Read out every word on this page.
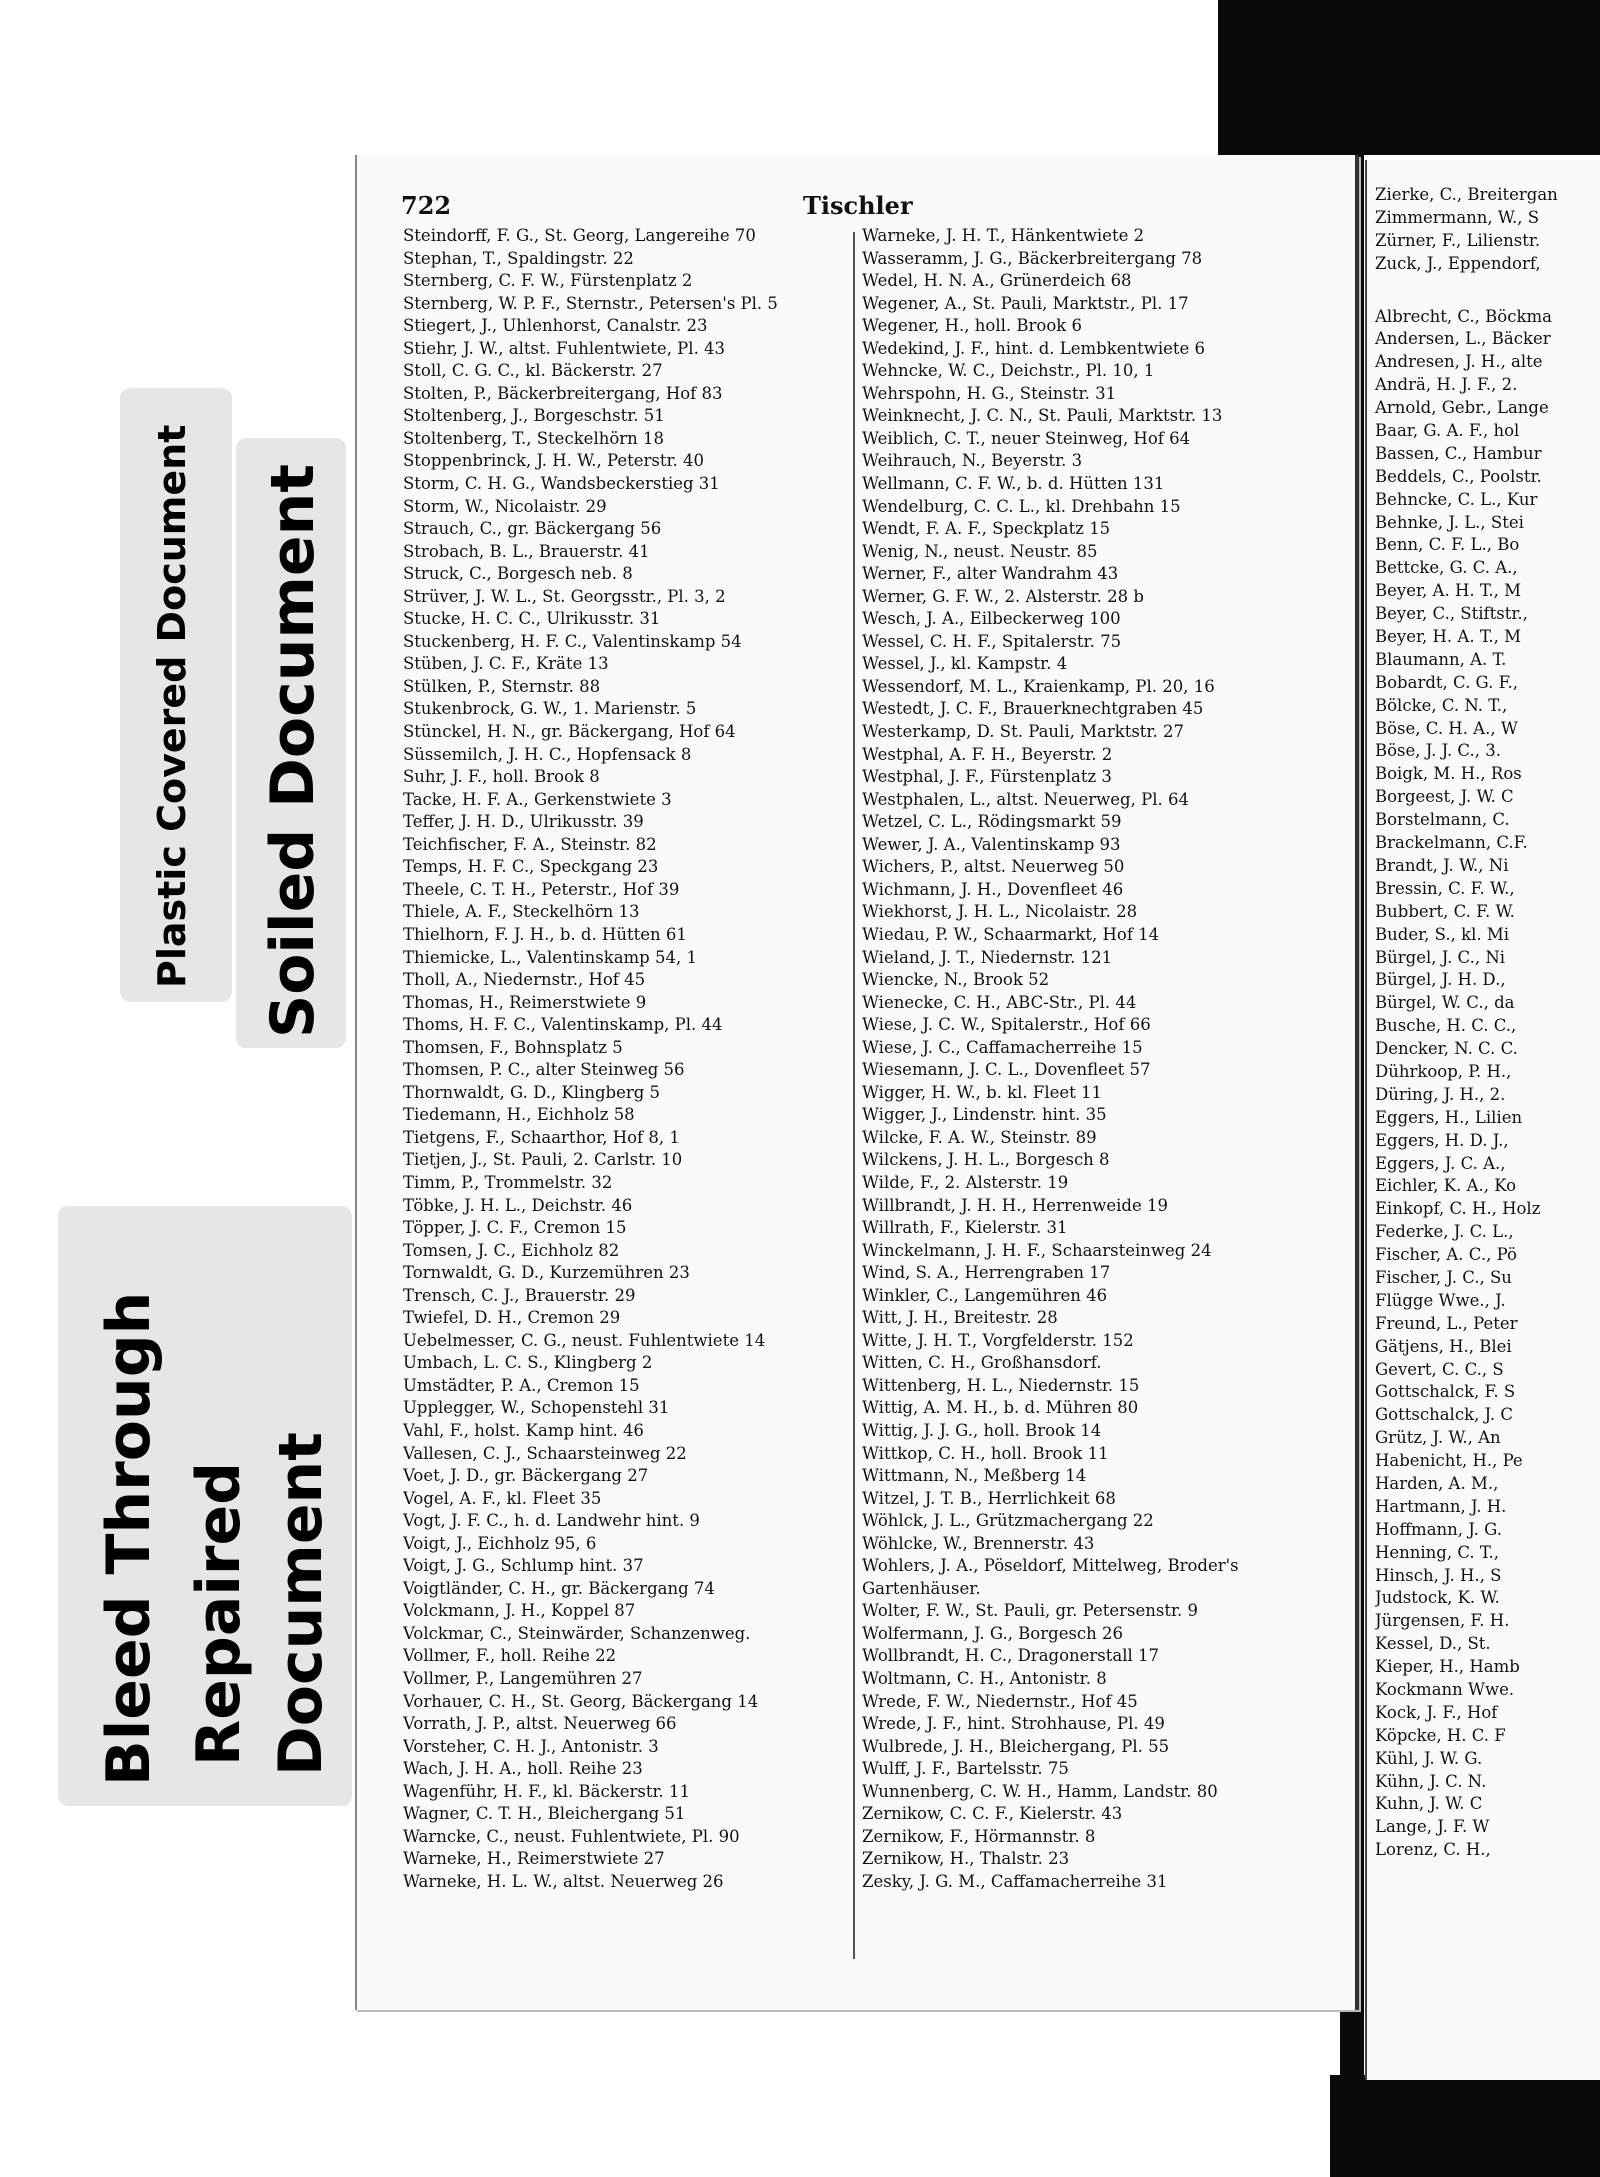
Plastic Covered Document Soiled Document
Bleed Through Repaired Document
722	Tischler
Steindorff, F. G., St. Georg, Langereihe 70
Stephan, T., Spaldingstr. 22
Sternberg, C. F. W., Fürstenplatz 2
Sternberg, W. P. F., Sternstr., Petersen's Pl. 5
Stiegert, J., Uhlenhorst, Canalstr. 23
Stiehr, J. W., altst. Fuhlentwiete, Pl. 43
Stoll, C. G. C., kl. Bäckerstr. 27
Stolten, P., Bäckerbreitergang, Hof 83
Stoltenberg, J., Borgeschstr. 51
Stoltenberg, T., Steckelhörn 18
Stoppenbrinck, J. H. W., Peterstr. 40
Storm, C. H. G., Wandsbeckerstieg 31
Storm, W., Nicolaistr. 29
Strauch, C., gr. Bäckergang 56
Strobach, B. L., Brauerstr. 41
Struck, C., Borgesch neb. 8
Strüver, J. W. L., St. Georgsstr., Pl. 3, 2
Stucke, H. C. C., Ulrikusstr. 31
Stuckenberg, H. F. C., Valentinskamp 54
Stüben, J. C. F., Kräte 13
Stülken, P., Sternstr. 88
Stukenbrock, G. W., 1. Marienstr. 5
Stünckel, H. N., gr. Bäckergang, Hof 64
Süssemilch, J. H. C., Hopfensack 8
Suhr, J. F., holl. Brook 8
Tacke, H. F. A., Gerkenstwiete 3
Teffer, J. H. D., Ulrikusstr. 39
Teichfischer, F. A., Steinstr. 82
Temps, H. F. C., Speckgang 23
Theele, C. T. H., Peterstr., Hof 39
Thiele, A. F., Steckelhörn 13
Thielhorn, F. J. H., b. d. Hütten 61
Thiemicke, L., Valentinskamp 54, 1
Tholl, A., Niedernstr., Hof 45
Thomas, H., Reimerstwiete 9
Thoms, H. F. C., Valentinskamp, Pl. 44
Thomsen, F., Bohnsplatz 5
Thomsen, P. C., alter Steinweg 56
Thornwaldt, G. D., Klingberg 5
Tiedemann, H., Eichholz 58
Tietgens, F., Schaarthor, Hof 8, 1
Tietjen, J., St. Pauli, 2. Carlstr. 10
Timm, P., Trommelstr. 32
Töbke, J. H. L., Deichstr. 46
Töpper, J. C. F., Cremon 15
Tomsen, J. C., Eichholz 82
Tornwaldt, G. D., Kurzemühren 23
Trensch, C. J., Brauerstr. 29
Twiefel, D. H., Cremon 29
Uebelmesser, C. G., neust. Fuhlentwiete 14
Umbach, L. C. S., Klingberg 2
Umstädter, P. A., Cremon 15
Upplegger, W., Schopenstehl 31
Vahl, F., holst. Kamp hint. 46
Vallesen, C. J., Schaarsteinweg 22
Voet, J. D., gr. Bäckergang 27
Vogel, A. F., kl. Fleet 35
Vogt, J. F. C., h. d. Landwehr hint. 9
Voigt, J., Eichholz 95, 6
Voigt, J. G., Schlump hint. 37
Voigtländer, C. H., gr. Bäckergang 74
Volckmann, J. H., Koppel 87
Volckmar, C., Steinwärder, Schanzenweg.
Vollmer, F., holl. Reihe 22
Vollmer, P., Langemühren 27
Vorhauer, C. H., St. Georg, Bäckergang 14
Vorrath, J. P., altst. Neuerweg 66
Vorsteher, C. H. J., Antonistr. 3
Wach, J. H. A., holl. Reihe 23
Wagenführ, H. F., kl. Bäckerstr. 11
Wagner, C. T. H., Bleichergang 51
Warncke, C., neust. Fuhlentwiete, Pl. 90
Warneke, H., Reimerstwiete 27
Warneke, H. L. W., altst. Neuerweg 26
Warneke, J. H. T., Hänkentwiete 2
Wasseramm, J. G., Bäckerbreitergang 78
Wedel, H. N. A., Grünerdeich 68
Wegener, A., St. Pauli, Marktstr., Pl. 17
Wegener, H., holl. Brook 6
Wedekind, J. F., hint. d. Lembkentwiete 6
Wehncke, W. C., Deichstr., Pl. 10, 1
Wehrspohn, H. G., Steinstr. 31
Weinknecht, J. C. N., St. Pauli, Marktstr. 13
Weiblich, C. T., neuer Steinweg, Hof 64
Weihrauch, N., Beyerstr. 3
Wellmann, C. F. W., b. d. Hütten 131
Wendelburg, C. C. L., kl. Drehbahn 15
Wendt, F. A. F., Speckplatz 15
Wenig, N., neust. Neustr. 85
Werner, F., alter Wandrahm 43
Werner, G. F. W., 2. Alsterstr. 28 b
Wesch, J. A., Eilbeckerweg 100
Wessel, C. H. F., Spitalerstr. 75
Wessel, J., kl. Kampstr. 4
Wessendorf, M. L., Kraienkamp, Pl. 20, 16
Westedt, J. C. F., Brauerknechtgraben 45
Westerkamp, D. St. Pauli, Marktstr. 27
Westphal, A. F. H., Beyerstr. 2
Westphal, J. F., Fürstenplatz 3
Westphalen, L., altst. Neuerweg, Pl. 64
Wetzel, C. L., Rödingsmarkt 59
Wewer, J. A., Valentinskamp 93
Wichers, P., altst. Neuerweg 50
Wichmann, J. H., Dovenfleet 46
Wiekhorst, J. H. L., Nicolaistr. 28
Wiedau, P. W., Schaarmarkt, Hof 14
Wieland, J. T., Niedernstr. 121
Wiencke, N., Brook 52
Wienecke, C. H., ABC-Str., Pl. 44
Wiese, J. C. W., Spitalerstr., Hof 66
Wiese, J. C., Caffamacherreihe 15
Wiesemann, J. C. L., Dovenfleet 57
Wigger, H. W., b. kl. Fleet 11
Wigger, J., Lindenstr. hint. 35
Wilcke, F. A. W., Steinstr. 89
Wilckens, J. H. L., Borgesch 8
Wilde, F., 2. Alsterstr. 19
Willbrandt, J. H. H., Herrenweide 19
Willrath, F., Kielerstr. 31
Winckelmann, J. H. F., Schaarsteinweg 24
Wind, S. A., Herrengraben 17
Winkler, C., Langemühren 46
Witt, J. H., Breitestr. 28
Witte, J. H. T., Vorgfelderstr. 152
Witten, C. H., Großhansdorf.
Wittenberg, H. L., Niedernstr. 15
Wittig, A. M. H., b. d. Mühren 80
Wittig, J. J. G., holl. Brook 14
Wittkop, C. H., holl. Brook 11
Wittmann, N., Meßberg 14
Witzel, J. T. B., Herrlichkeit 68
Wöhlck, J. L., Grützmachergang 22
Wöhlcke, W., Brennerstr. 43
Wohlers, J. A., Pöseldorf, Mittelweg, Broder's
Gartenhäuser.
Wolter, F. W., St. Pauli, gr. Petersenstr. 9
Wolfermann, J. G., Borgesch 26
Wollbrandt, H. C., Dragonerstall 17
Woltmann, C. H., Antonistr. 8
Wrede, F. W., Niedernstr., Hof 45
Wrede, J. F., hint. Strohhause, Pl. 49
Wulbrede, J. H., Bleichergang, Pl. 55
Wulff, J. F., Bartelsstr. 75
Wunnenberg, C. W. H., Hamm, Landstr. 80
Zernikow, C. C. F., Kielerstr. 43
Zernikow, F., Hörmannstr. 8
Zernikow, H., Thalstr. 23
Zesky, J. G. M., Caffamacherreihe 31
Zierke, C., Breitergan
Zimmermann, W., S
Zürner, F., Lilienstr.
Zuck, J., Eppendorf,
Albrecht, C., Böckma
Andersen, L., Bäcker
Andresen, J. H., alte
Andrä, H. J. F., 2.
Arnold, Gebr., Lange
Baar, G. A. F., hol
Bassen, C., Hambur
Beddels, C., Poolstr.
Behncke, C. L., Kur
Behnke, J. L., Stei
Benn, C. F. L., Bo
Bettcke, G. C. A.,
Beyer, A. H. T., M
Beyer, C., Stiftstr.,
Beyer, H. A. T., M
Blaumann, A. T.
Bobardt, C. G. F.,
Bölcke, C. N. T.,
Böse, C. H. A., W
Böse, J. J. C., 3.
Boigk, M. H., Ros
Borgeest, J. W. C
Borstelmann, C.
Brackelmann, C.F.
Brandt, J. W., Ni
Bressin, C. F. W.,
Bubbert, C. F. W.
Buder, S., kl. Mi
Bürgel, J. C., Ni
Bürgel, J. H. D.,
Bürgel, W. C., da
Busche, H. C. C.,
Dencker, N. C. C.
Dührkoop, P. H.,
Düring, J. H., 2.
Eggers, H., Lilien
Eggers, H. D. J.,
Eggers, J. C. A.,
Eichler, K. A., Ko
Einkopf, C. H., Holz
Federke, J. C. L.,
Fischer, A. C., Pö
Fischer, J. C., Su
Flügge Wwe., J.
Freund, L., Peter
Gätjens, H., Blei
Gevert, C. C., S
Gottschalck, F. S
Gottschalck, J. C
Grütz, J. W., An
Habenicht, H., Pe
Harden, A. M.,
Hartmann, J. H.
Hoffmann, J. G.
Henning, C. T.,
Hinsch, J. H., S
Judstock, K. W.
Jürgensen, F. H.
Kessel, D., St.
Kieper, H., Hamb
Kockmann Wwe.
Kock, J. F., Hof
Köpcke, H. C. F
Kühl, J. W. G.
Kühn, J. C. N.
Kuhn, J. W. C
Lange, J. F. W
Lorenz, C. H.,
